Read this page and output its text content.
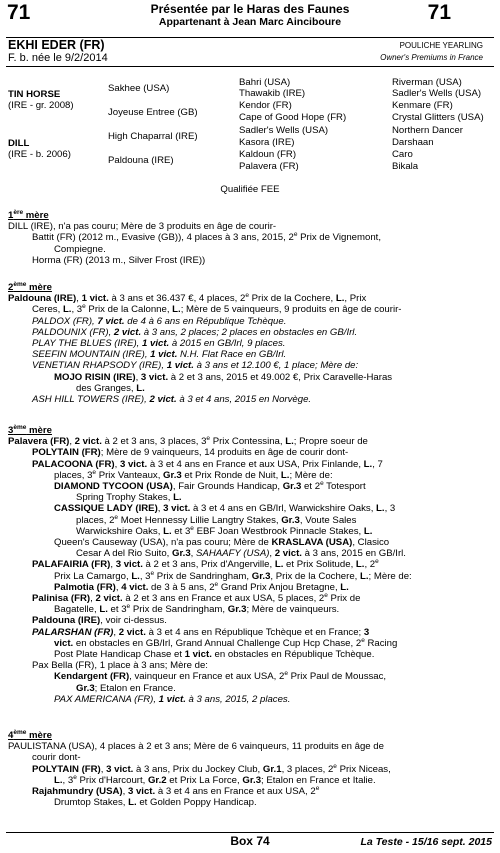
71	71
Présentée par le Haras des Faunes
Appartenant à Jean Marc Ainciboure
EKHI EDER (FR)
F. b. née le 9/2/2014
POULICHE YEARLING
Owner's Premiums in France
TIN HORSE
(IRE - gr. 2008)
DILL
(IRE - b. 2006)
Sakhee (USA)
Joyeuse Entree (GB)
High Chaparral (IRE)
Paldouna (IRE)
Bahri (USA)
Thawakib (IRE)
Kendor (FR)
Cape of Good Hope (FR)
Sadler's Wells (USA)
Kasora (IRE)
Kaldoun (FR)
Palavera (FR)
Riverman (USA)
Sadler's Wells (USA)
Kenmare (FR)
Crystal Glitters (USA)
Northern Dancer
Darshaan
Caro
Bikala
Qualifiée FEE
1ère mère
DILL (IRE), n'a pas couru; Mère de 3 produits en âge de courir-
Battit (FR) (2012 m., Evasive (GB)), 4 places à 3 ans, 2015, 2e Prix de Vignemont,
Compiegne.
Horma (FR) (2013 m., Silver Frost (IRE))
2ème mère
Paldouna (IRE), 1 vict. à 3 ans et 36.437 €, 4 places, 2e Prix de la Cochere, L., Prix
Ceres, L., 3e Prix de la Calonne, L.; Mère de 5 vainqueurs, 9 produits en âge de courir-
PALDOX (FR), 7 vict. de 4 à 6 ans en République Tchèque.
PALDOUNIX (FR), 2 vict. à 3 ans, 2 places; 2 places en obstacles en GB/Irl.
PLAY THE BLUES (IRE), 1 vict. à 2015 en GB/Irl, 9 places.
SEEFIN MOUNTAIN (IRE), 1 vict. N.H. Flat Race en GB/Irl.
VENETIAN RHAPSODY (IRE), 1 vict. à 3 ans et 12.100 €, 1 place; Mère de:
MOJO RISIN (IRE), 3 vict. à 2 et 3 ans, 2015 et 49.002 €, Prix Caravelle-Haras
des Granges, L.
ASH HILL TOWERS (IRE), 2 vict. à 3 et 4 ans, 2015 en Norvège.
3ème mère
Palavera (FR), 2 vict. à 2 et 3 ans, 3 places, 3e Prix Contessina, L.; Propre soeur de
POLYTAIN (FR); Mère de 9 vainqueurs, 14 produits en âge de courir dont-
PALACOONA (FR), 3 vict. à 3 et 4 ans en France et aux USA, Prix Finlande, L., 7
places, 3e Prix Vanteaux, Gr.3 et Prix Ronde de Nuit, L.; Mère de:
DIAMOND TYCOON (USA), Fair Grounds Handicap, Gr.3 et 2e Totesport
Spring Trophy Stakes, L.
CASSIQUE LADY (IRE), 3 vict. à 3 et 4 ans en GB/Irl, Warwickshire Oaks, L., 3
places, 2e Moet Hennessy Lillie Langtry Stakes, Gr.3, Voute Sales
Warwickshire Oaks, L. et 3e EBF Joan Westbrook Pinnacle Stakes, L.
Queen's Causeway (USA), n'a pas couru; Mère de KRASLAVA (USA), Clasico
Cesar A del Rio Suito, Gr.3, SAHAAFY (USA), 2 vict. à 3 ans, 2015 en GB/Irl.
PALAFAIRIA (FR), 3 vict. à 2 et 3 ans, Prix d'Angerville, L. et Prix Solitude, L., 2e
Prix La Camargo, L., 3e Prix de Sandringham, Gr.3, Prix de la Cochere, L.; Mère de:
Palmotia (FR), 4 vict. de 3 à 5 ans, 2e Grand Prix Anjou Bretagne, L.
Palinisa (FR), 2 vict. à 2 et 3 ans en France et aux USA, 5 places, 2e Prix de
Bagatelle, L. et 3e Prix de Sandringham, Gr.3; Mère de vainqueurs.
Paldouna (IRE), voir ci-dessus.
PALARSHAN (FR), 2 vict. à 3 et 4 ans en République Tchèque et en France; 3
vict. en obstacles en GB/Irl, Grand Annual Challenge Cup Hcp Chase, 2e Racing
Post Plate Handicap Chase et 1 vict. en obstacles en République Tchèque.
Pax Bella (FR), 1 place à 3 ans; Mère de:
Kendargent (FR), vainqueur en France et aux USA, 2e Prix Paul de Moussac,
Gr.3; Etalon en France.
PAX AMERICANA (FR), 1 vict. à 3 ans, 2015, 2 places.
4ème mère
PAULISTANA (USA), 4 places à 2 et 3 ans; Mère de 6 vainqueurs, 11 produits en âge de
courir dont-
POLYTAIN (FR), 3 vict. à 3 ans, Prix du Jockey Club, Gr.1, 3 places, 2e Prix Niceas,
L., 3e Prix d'Harcourt, Gr.2 et Prix La Force, Gr.3; Etalon en France et Italie.
Rajahmundry (USA), 3 vict. à 3 et 4 ans en France et aux USA, 2e
Drumtop Stakes, L. et Golden Poppy Handicap.
Box 74	La Teste - 15/16 sept. 2015
